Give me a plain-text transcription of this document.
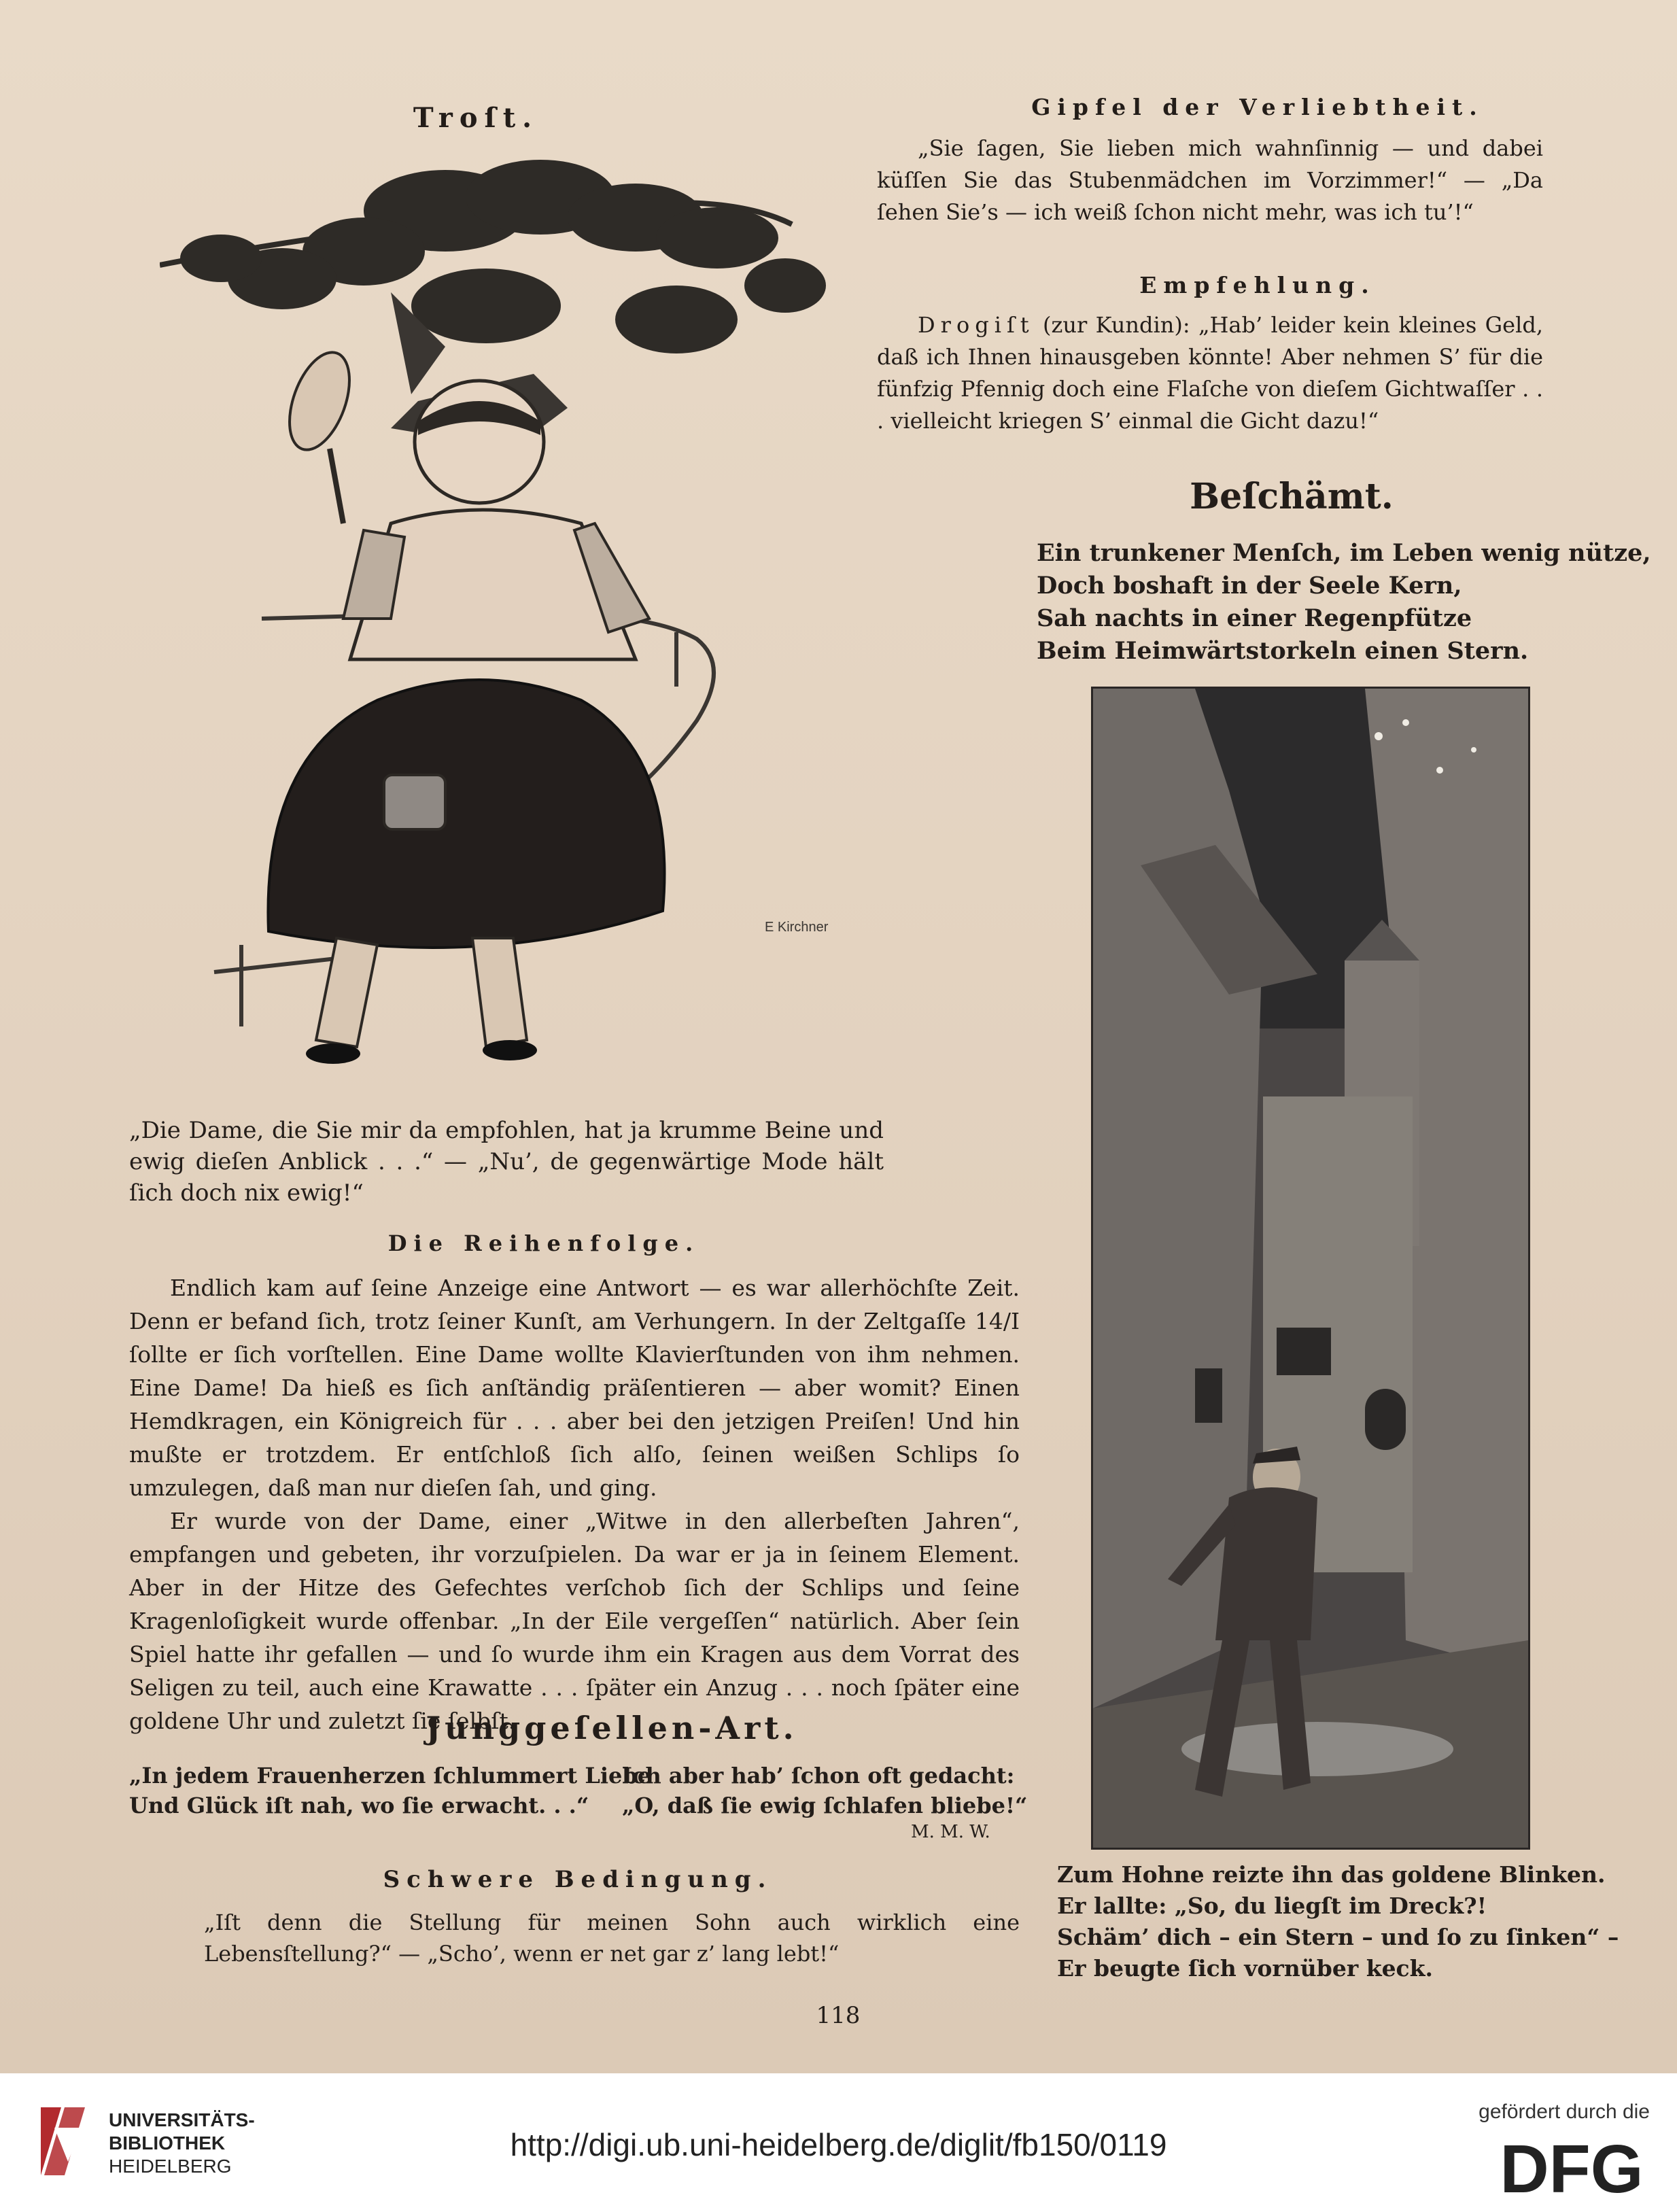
Troſt.
E Kirchner
„Die Dame, die Sie mir da empfohlen, hat ja krumme Beine und ewig dieſen Anblick . . .“ — „Nu’, de gegenwärtige Mode hält ſich doch nix ewig!“
Die Reihenfolge.
Endlich kam auf ſeine Anzeige eine Antwort — es war allerhöchſte Zeit. Denn er befand ſich, trotz ſeiner Kunſt, am Verhungern. In der Zeltgaſſe 14/I ſollte er ſich vorſtellen. Eine Dame wollte Klavierſtunden von ihm nehmen. Eine Dame! Da hieß es ſich anſtändig präſentieren — aber womit? Einen Hemdkragen, ein Königreich für . . . aber bei den jetzigen Preiſen! Und hin mußte er trotzdem. Er entſchloß ſich alſo, ſeinen weißen Schlips ſo umzulegen, daß man nur dieſen ſah, und ging.
Er wurde von der Dame, einer „Witwe in den allerbeſten Jahren“, empfangen und gebeten, ihr vorzuſpielen. Da war er ja in ſeinem Element. Aber in der Hitze des Gefechtes verſchob ſich der Schlips und ſeine Kragenloſigkeit wurde offenbar. „In der Eile vergeſſen“ natürlich. Aber ſein Spiel hatte ihr gefallen — und ſo wurde ihm ein Kragen aus dem Vorrat des Seligen zu teil, auch eine Krawatte . . . ſpäter ein Anzug . . . noch ſpäter eine goldene Uhr und zuletzt ſie ſelbſt.
Junggeſellen-Art.
„In jedem Frauenherzen ſchlummert Liebe
Und Glück iſt nah, wo ſie erwacht. . .“
Ich aber hab’ ſchon oft gedacht:
„O, daß ſie ewig ſchlafen bliebe!“
M. M. W.
Schwere Bedingung.
„Iſt denn die Stellung für meinen Sohn auch wirklich eine Lebensſtellung?“ — „Scho’, wenn er net gar z’ lang lebt!“
Gipfel der Verliebtheit.
„Sie ſagen, Sie lieben mich wahnſinnig — und dabei küſſen Sie das Stubenmädchen im Vorzimmer!“ — „Da ſehen Sie’s — ich weiß ſchon nicht mehr, was ich tu’!“
Empfehlung.
Drogiſt (zur Kundin): „Hab’ leider kein kleines Geld, daß ich Ihnen hinausgeben könnte! Aber nehmen S’ für die fünfzig Pfennig doch eine Flaſche von dieſem Gichtwaſſer . . . vielleicht kriegen S’ einmal die Gicht dazu!“
Beſchämt.
Ein trunkener Menſch, im Leben wenig nütze,
Doch boshaft in der Seele Kern,
Sah nachts in einer Regenpfütze
Beim Heimwärtstorkeln einen Stern.
Zum Hohne reizte ihn das goldene Blinken.
Er lallte: „So, du liegſt im Dreck?!
Schäm’ dich – ein Stern – und ſo zu ſinken“ –
Er beugte ſich vornüber keck.
118
UNIVERSITÄTS-
BIBLIOTHEK
HEIDELBERG
http://digi.ub.uni-heidelberg.de/diglit/fb150/0119
gefördert durch die
DFG
